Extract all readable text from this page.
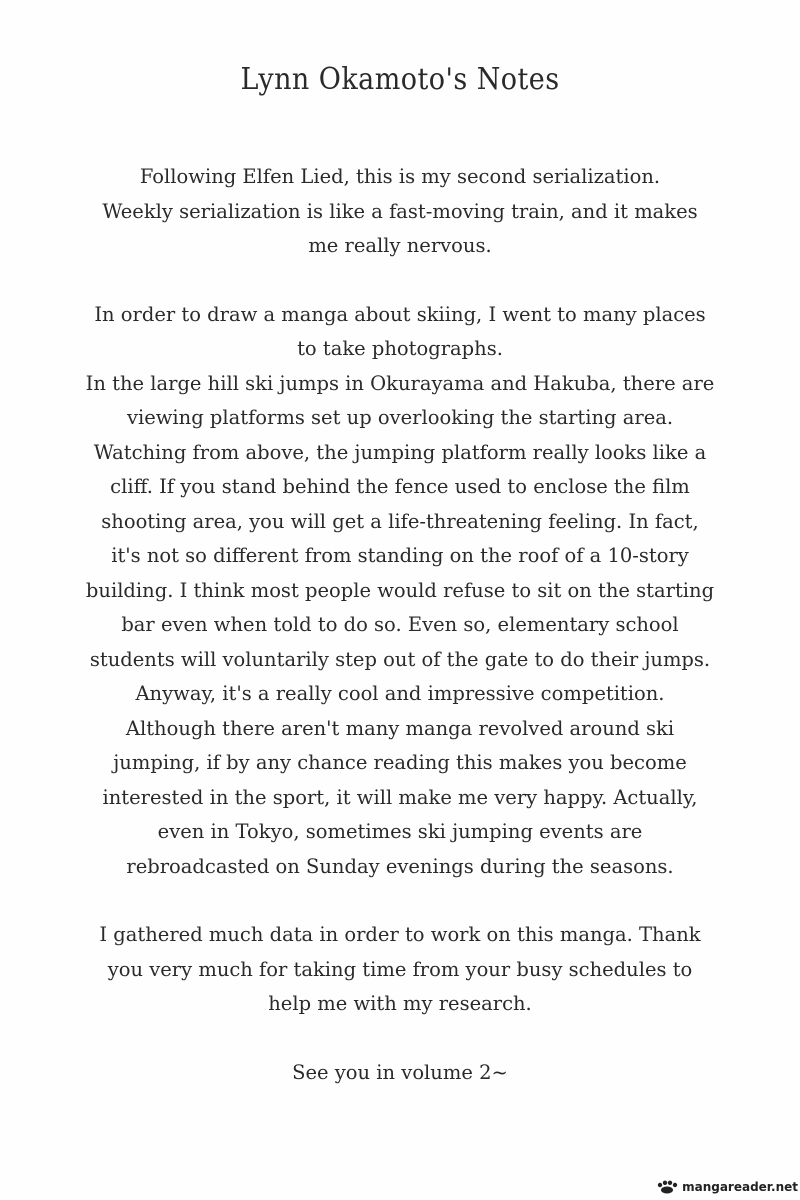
Lynn Okamoto's Notes

Following Elfen Lied, this is my second serialization.

Weekly serialization is like a fast-moving train, and it makes me really nervous.

In order to draw a manga about skiing, I went to many places to take photographs.

In the large hill ski jumps in Okurayama and Hakuba, there are viewing platforms set up overlooking the starting area. Watching from above, the jumping platform really looks like a cliff. If you stand behind the fence used to enclose the film shooting area, you will get a life-threatening feeling. In fact, it's not so different from standing on the roof of a 10-story building. I think most people would refuse to sit on the starting bar even when told to do so. Even so, elementary school students will voluntarily step out of the gate to do their jumps. Anyway, it's a really cool and impressive competition.

Although there aren't many manga revolved around ski jumping, if by any chance reading this makes you become interested in the sport, it will make me very happy. Actually, even in Tokyo, sometimes ski jumping events are rebroadcasted on Sunday evenings during the seasons.

I gathered much data in order to work on this manga. Thank you very much for taking time from your busy schedules to help me with my research.

See you in volume 2~

mangareader.net
